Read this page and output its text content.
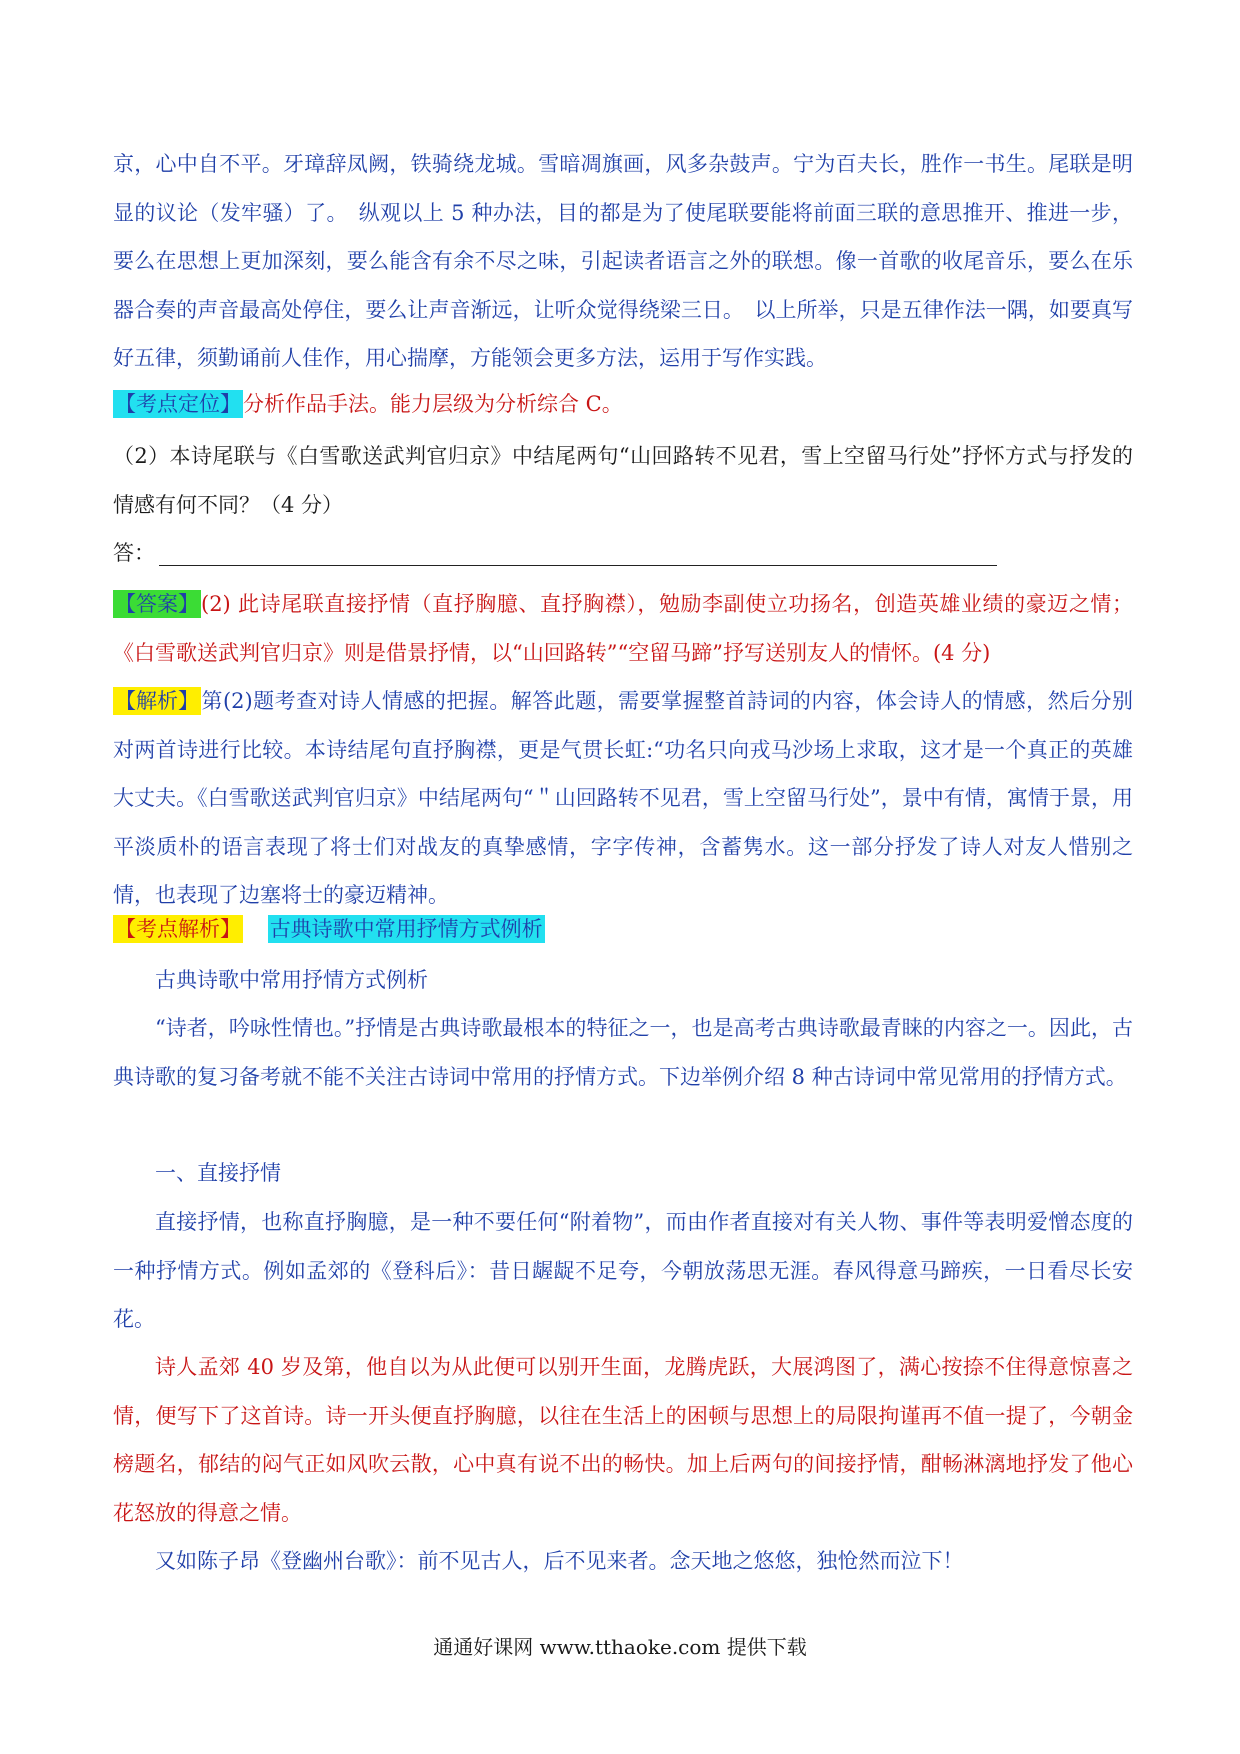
京，心中自不平。牙璋辞凤阙，铁骑绕龙城。雪暗凋旗画，风多杂鼓声。宁为百夫长，胜作一书生。尾联是明显的议论（发牢骚）了。　纵观以上 5 种办法，目的都是为了使尾联要能将前面三联的意思推开、推进一步，要么在思想上更加深刻，要么能含有余不尽之味，引起读者语言之外的联想。像一首歌的收尾音乐，要么在乐器合奏的声音最高处停住，要么让声音渐远，让听众觉得绕梁三日。　以上所举，只是五律作法一隅，如要真写好五律，须勤诵前人佳作，用心揣摩，方能领会更多方法，运用于写作实践。

【考点定位】分析作品手法。能力层级为分析综合 C。

（2）本诗尾联与《白雪歌送武判官归京》中结尾两句“山回路转不见君，雪上空留马行处”抒怀方式与抒发的情感有何不同？（4 分）

答：

【答案】(2) 此诗尾联直接抒情（直抒胸臆、直抒胸襟），勉励李副使立功扬名，创造英雄业绩的豪迈之情；《白雪歌送武判官归京》则是借景抒情，以“山回路转”“空留马蹄”抒写送别友人的情怀。(4 分)

【解析】第(2)题考查对诗人情感的把握。解答此题，需要掌握整首詩词的内容，体会诗人的情感，然后分别对两首诗进行比较。本诗结尾句直抒胸襟，更是气贯长虹:“功名只向戎马沙场上求取，这才是一个真正的英雄大丈夫。《白雪歌送武判官归京》中结尾两句“＂山回路转不见君，雪上空留马行处”，景中有情，寓情于景，用平淡质朴的语言表现了将士们对战友的真挚感情，字字传神，含蓄隽水。这一部分抒发了诗人对友人惜别之情，也表现了边塞将士的豪迈精神。

【考点解析】 古典诗歌中常用抒情方式例析

古典诗歌中常用抒情方式例析

“诗者，吟咏性情也。”抒情是古典诗歌最根本的特征之一，也是高考古典诗歌最青睐的内容之一。因此，古典诗歌的复习备考就不能不关注古诗词中常用的抒情方式。下边举例介绍 8 种古诗词中常见常用的抒情方式。

一、直接抒情

直接抒情，也称直抒胸臆，是一种不要任何“附着物”，而由作者直接对有关人物、事件等表明爱憎态度的一种抒情方式。例如孟郊的《登科后》：昔日龌龊不足夸，今朝放荡思无涯。春风得意马蹄疾，一日看尽长安花。

诗人孟郊 40 岁及第，他自以为从此便可以别开生面，龙腾虎跃，大展鸿图了，满心按捺不住得意惊喜之情，便写下了这首诗。诗一开头便直抒胸臆，以往在生活上的困顿与思想上的局限拘谨再不值一提了，今朝金榜题名，郁结的闷气正如风吹云散，心中真有说不出的畅快。加上后两句的间接抒情，酣畅淋漓地抒发了他心花怒放的得意之情。

又如陈子昂《登幽州台歌》：前不见古人，后不见来者。念天地之悠悠，独怆然而泣下！

通通好课网 www.tthaoke.com 提供下载
